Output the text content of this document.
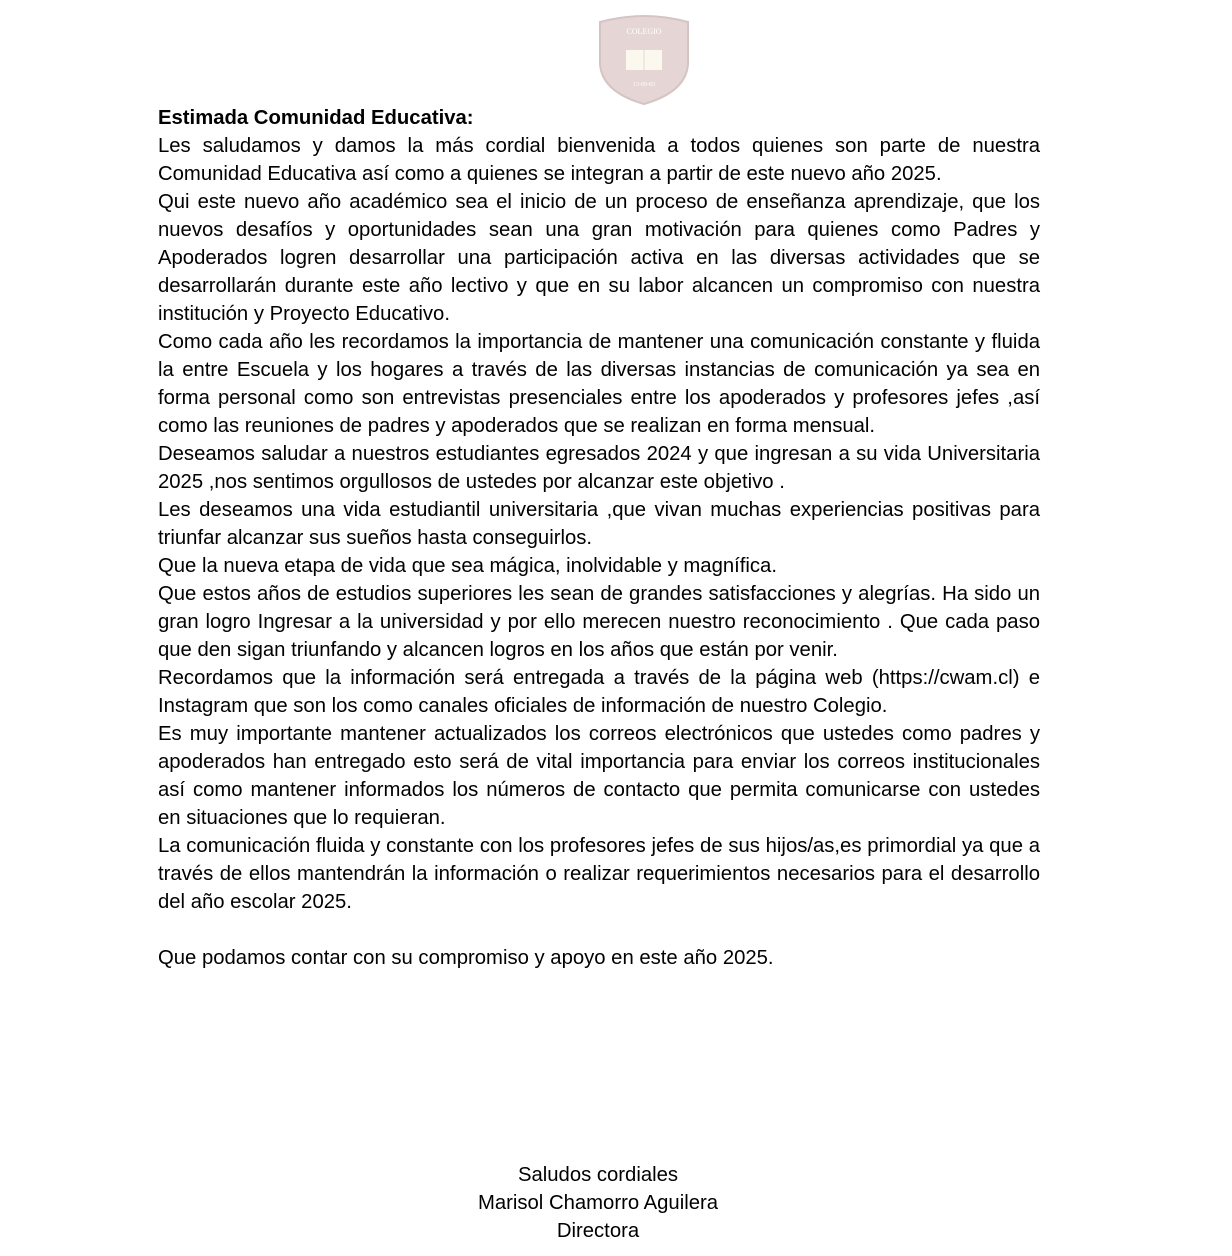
COLEGIO
13-09-83
Estimada Comunidad Educativa:

Les saludamos y damos la más cordial bienvenida a todos quienes son parte de nuestra Comunidad Educativa así como a quienes se integran a partir de este nuevo año 2025.

Qui este nuevo año académico sea el inicio de un proceso de enseñanza aprendizaje, que los nuevos desafíos y oportunidades sean una gran motivación para quienes como Padres y Apoderados logren desarrollar una participación activa en las diversas actividades que se desarrollarán durante este año lectivo y que en su labor alcancen un compromiso con nuestra institución y Proyecto Educativo.

Como cada año les recordamos la importancia de mantener una comunicación constante y fluida la entre Escuela y los hogares a través de las diversas instancias de comunicación ya sea en forma personal como son entrevistas presenciales entre los apoderados y profesores jefes ,así como las reuniones de padres y apoderados que se realizan en forma mensual.

Deseamos saludar a nuestros estudiantes egresados 2024 y que ingresan a su vida Universitaria 2025 ,nos sentimos orgullosos de ustedes por alcanzar este objetivo .

Les deseamos una vida estudiantil universitaria ,que vivan muchas experiencias positivas para triunfar alcanzar sus sueños hasta conseguirlos.

Que la nueva etapa de vida que sea mágica, inolvidable y magnífica.

Que estos años de estudios superiores les sean de grandes satisfacciones y alegrías. Ha sido un gran logro Ingresar a la universidad y por ello merecen nuestro reconocimiento . Que cada paso que den sigan triunfando y alcancen logros en los años que están por venir.

Recordamos que la información será entregada a través de la página web (https://cwam.cl) e Instagram que son los como canales oficiales de información de nuestro Colegio.

Es muy importante mantener actualizados los correos electrónicos que ustedes como padres y apoderados han entregado esto será de vital importancia para enviar los correos institucionales así como mantener informados los números de contacto que permita comunicarse con ustedes en situaciones que lo requieran.

La comunicación fluida y constante con los profesores jefes de sus hijos/as,es primordial ya que a través de ellos mantendrán la información o realizar requerimientos necesarios para el desarrollo del año escolar 2025.

Que podamos contar con su compromiso y apoyo en este año 2025.

Saludos cordiales
Marisol Chamorro Aguilera
Directora
